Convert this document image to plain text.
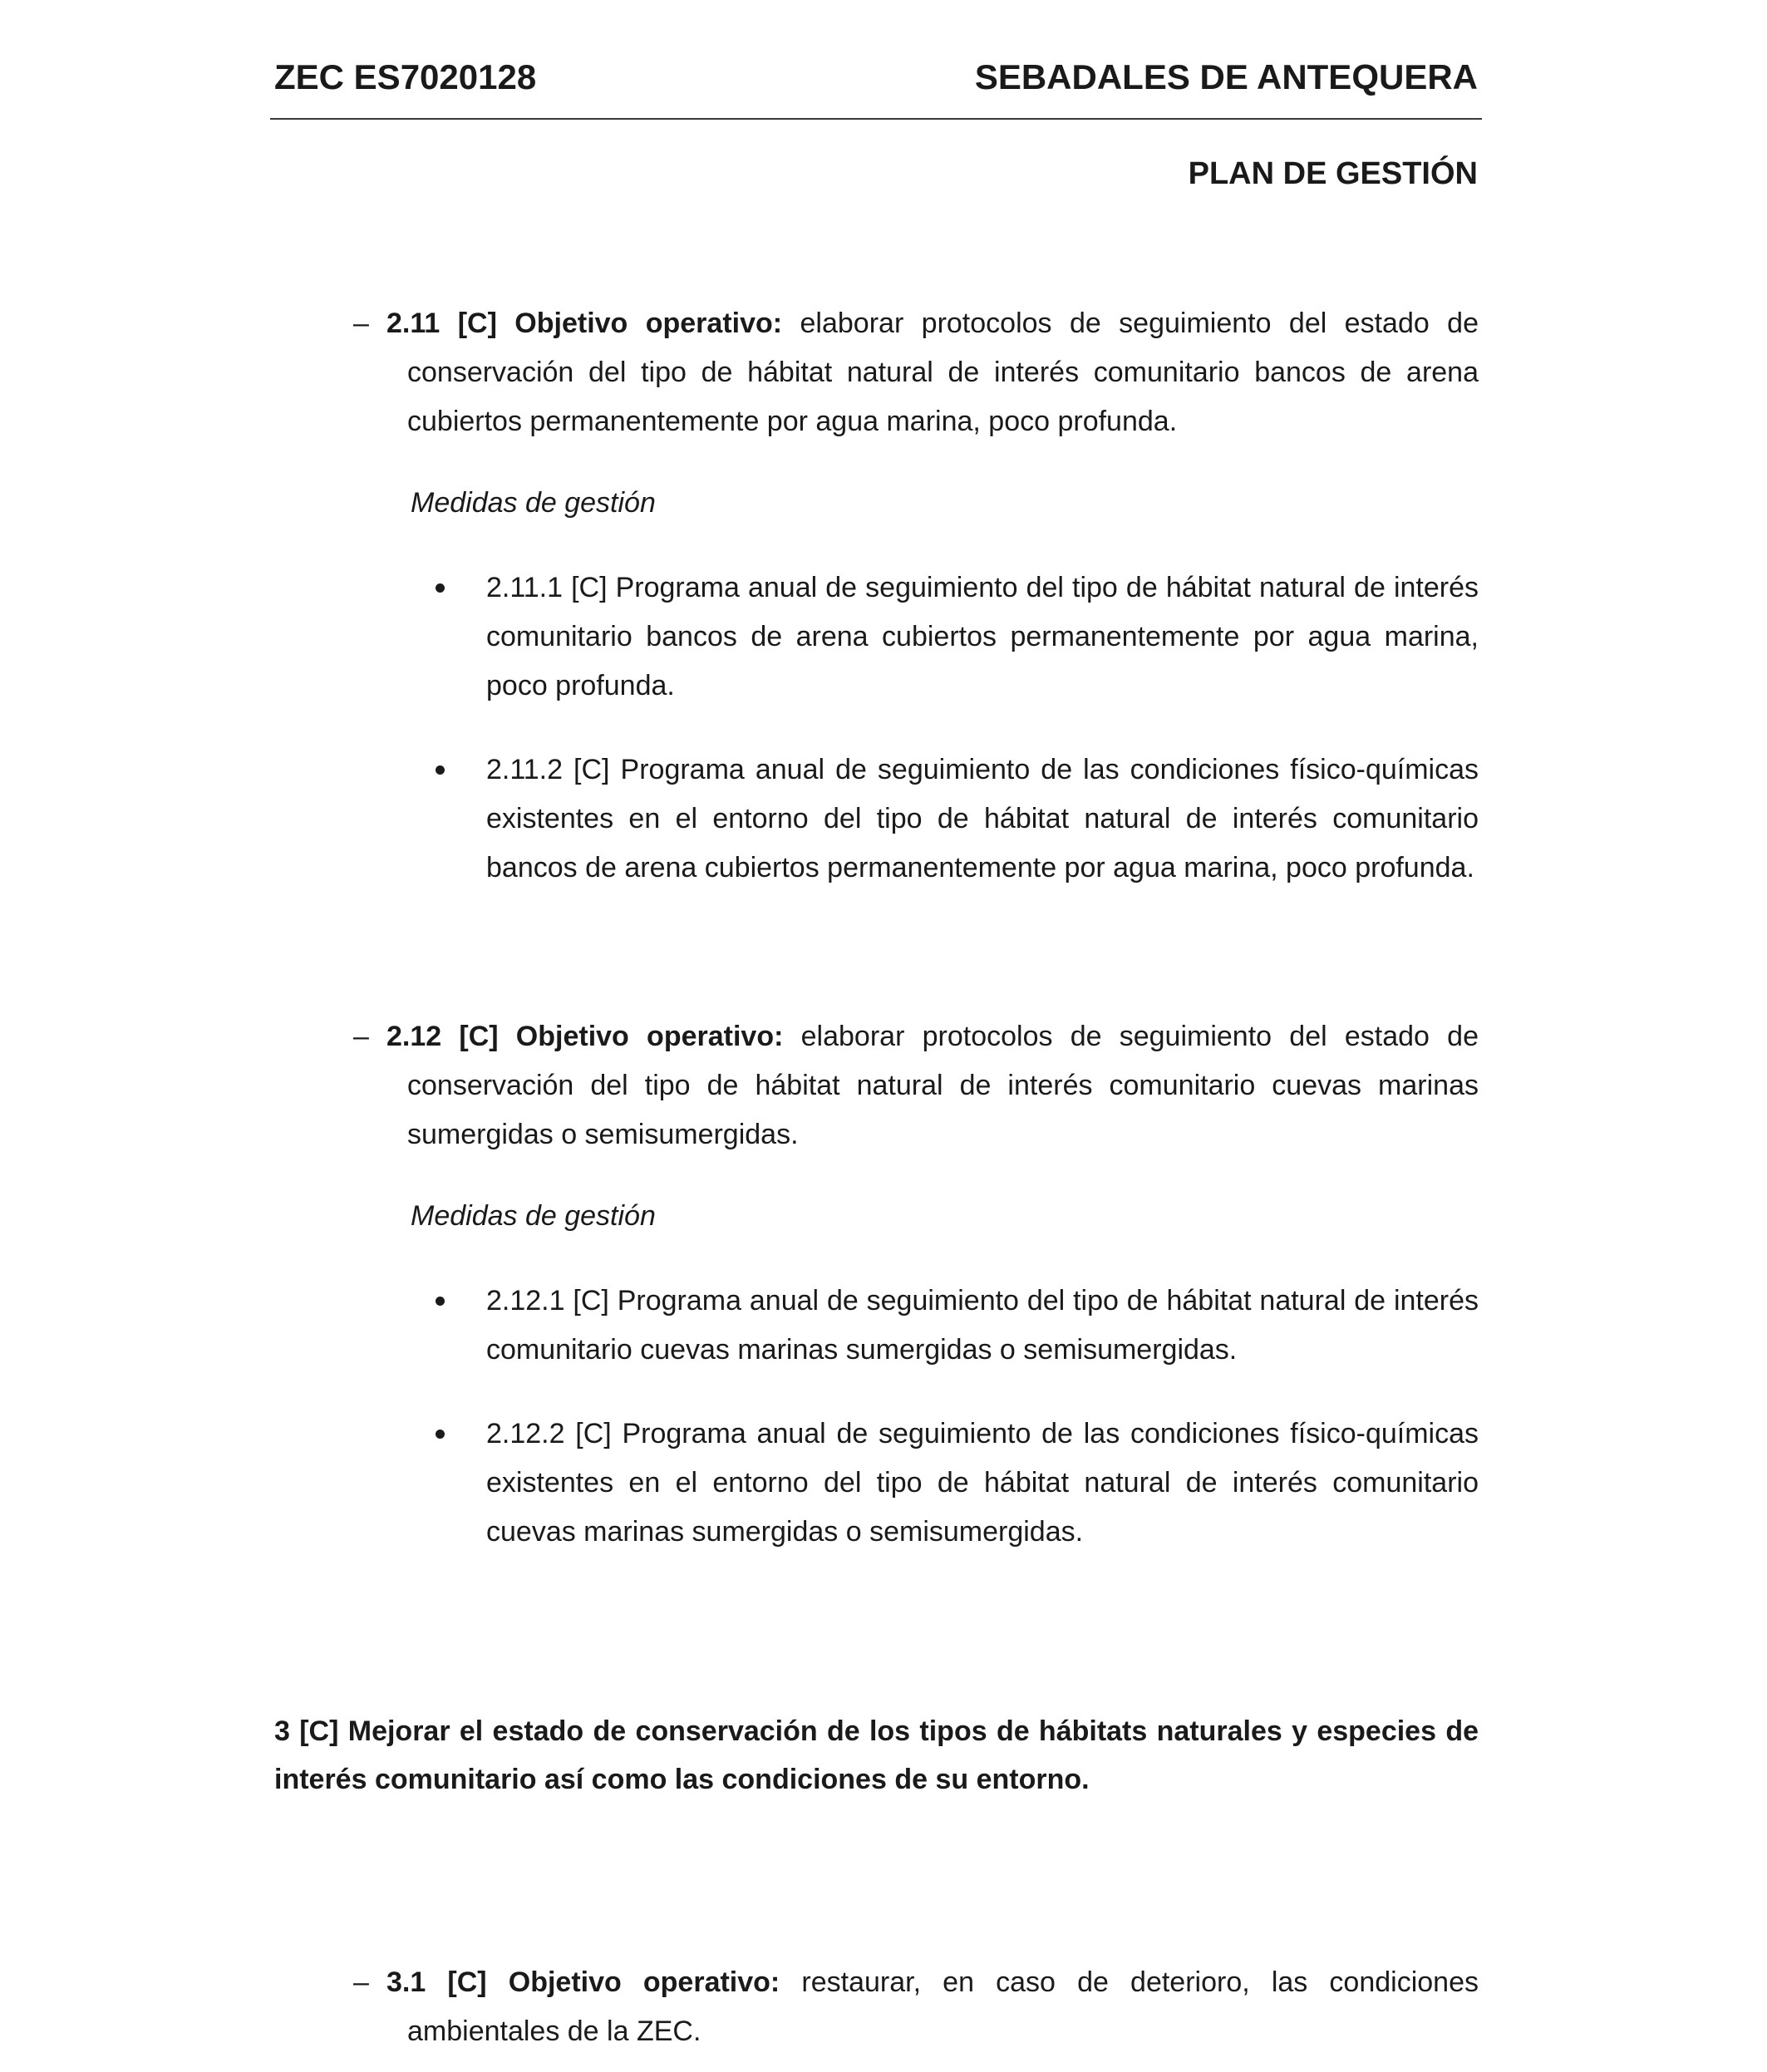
ZEC ES7020128	SEBADALES DE ANTEQUERA
PLAN DE GESTIÓN
– 2.11 [C] Objetivo operativo: elaborar protocolos de seguimiento del estado de conservación del tipo de hábitat natural de interés comunitario bancos de arena cubiertos permanentemente por agua marina, poco profunda.
Medidas de gestión
2.11.1 [C] Programa anual de seguimiento del tipo de hábitat natural de interés comunitario bancos de arena cubiertos permanentemente por agua marina, poco profunda.
2.11.2 [C] Programa anual de seguimiento de las condiciones físico-químicas existentes en el entorno del tipo de hábitat natural de interés comunitario bancos de arena cubiertos permanentemente por agua marina, poco profunda.
– 2.12 [C] Objetivo operativo: elaborar protocolos de seguimiento del estado de conservación del tipo de hábitat natural de interés comunitario cuevas marinas sumergidas o semisumergidas.
Medidas de gestión
2.12.1 [C] Programa anual de seguimiento del tipo de hábitat natural de interés comunitario cuevas marinas sumergidas o semisumergidas.
2.12.2 [C] Programa anual de seguimiento de las condiciones físico-químicas existentes en el entorno del tipo de hábitat natural de interés comunitario cuevas marinas sumergidas o semisumergidas.
3 [C] Mejorar el estado de conservación de los tipos de hábitats naturales y especies de interés comunitario así como las condiciones de su entorno.
– 3.1 [C] Objetivo operativo: restaurar, en caso de deterioro, las condiciones ambientales de la ZEC.
